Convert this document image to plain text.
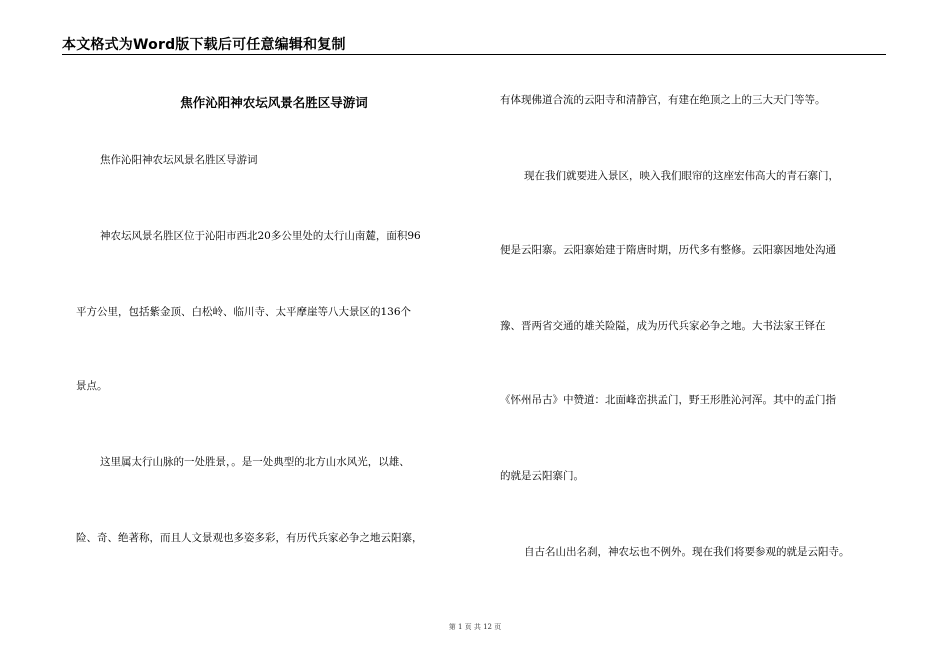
本文格式为Word版下载后可任意编辑和复制
焦作沁阳神农坛风景名胜区导游词
焦作沁阳神农坛风景名胜区导游词
神农坛风景名胜区位于沁阳市西北20多公里处的太行山南麓，面积96
平方公里，包括紫金顶、白松岭、临川寺、太平摩崖等八大景区的136个
景点。
这里属太行山脉的一处胜景，。是一处典型的北方山水风光，以雄、
险、奇、绝著称，而且人文景观也多姿多彩，有历代兵家必争之地云阳寨，
有体现佛道合流的云阳寺和清静宫，有建在绝顶之上的三大天门等等。
现在我们就要进入景区，映入我们眼帘的这座宏伟高大的青石寨门，
便是云阳寨。云阳寨始建于隋唐时期，历代多有整修。云阳寨因地处沟通
豫、晋两省交通的雄关险隘，成为历代兵家必争之地。大书法家王铎在
《怀州吊古》中赞道：北面峰峦拱孟门，野王形胜沁河浑。其中的孟门指
的就是云阳寨门。
自古名山出名刹，神农坛也不例外。现在我们将要参观的就是云阳寺。
第 1 页 共 12 页
